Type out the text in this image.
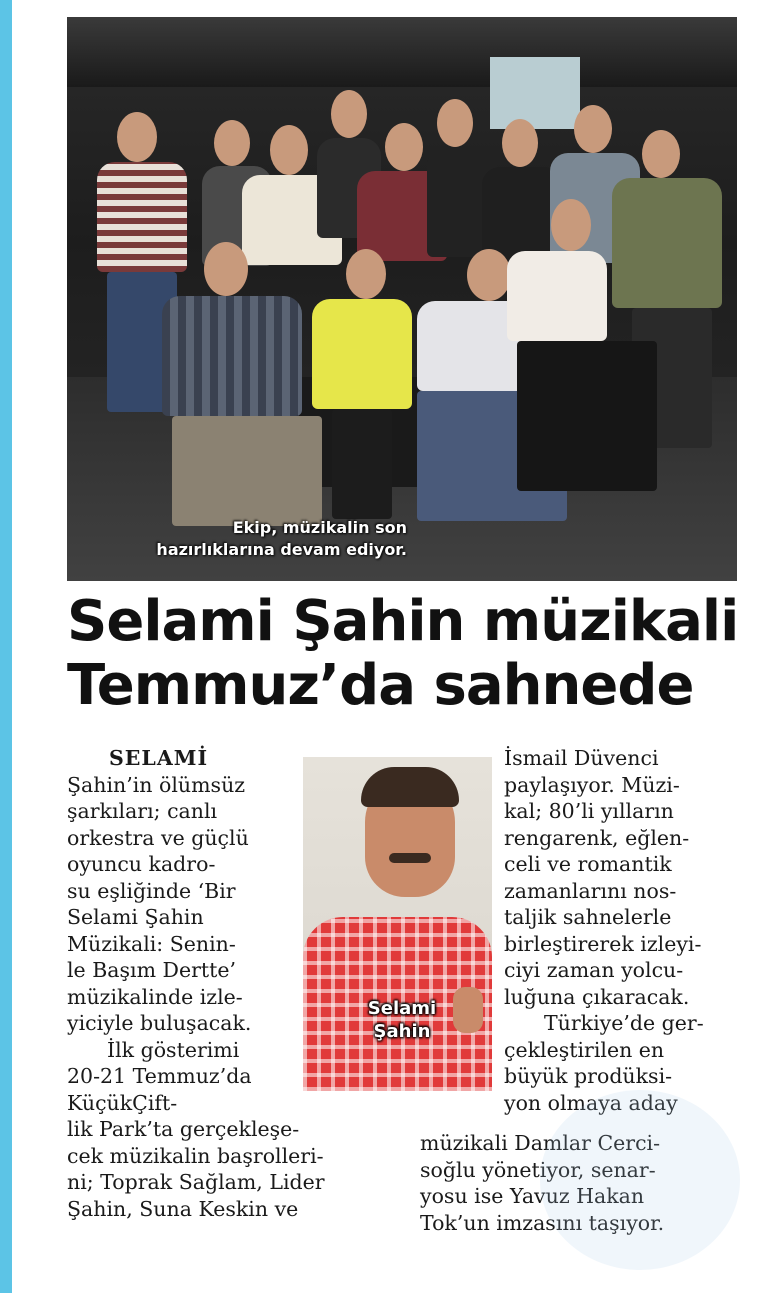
Ekip, müzikalin son
hazırlıklarına devam ediyor.
Selami Şahin müzikali
Temmuz’da sahnede
SELAMİ
Şahin’in ölümsüz
şarkıları; canlı
orkestra ve güçlü
oyuncu kadro-
su eşliğinde ‘Bir
Selami Şahin
Müzikali: Senin-
le Başım Dertte’
müzikalinde izle-
yiciyle buluşacak.
İlk gösterimi
20-21 Temmuz’da
KüçükÇift-
lik Park’ta gerçekleşe-
cek müzikalin başrolleri-
ni; Toprak Sağlam, Lider
Şahin, Suna Keskin ve
Selami
Şahin
İsmail Düvenci
paylaşıyor. Müzi-
kal; 80’li yılların
rengarenk, eğlen-
celi ve romantik
zamanlarını nos-
taljik sahnelerle
birleştirerek izleyi-
ciyi zaman yolcu-
luğuna çıkaracak.
Türkiye’de ger-
çekleştirilen en
büyük prodüksi-
yon olmaya aday
müzikali Damlar Cerci-
soğlu yönetiyor, senar-
yosu ise Yavuz Hakan
Tok’un imzasını taşıyor.
